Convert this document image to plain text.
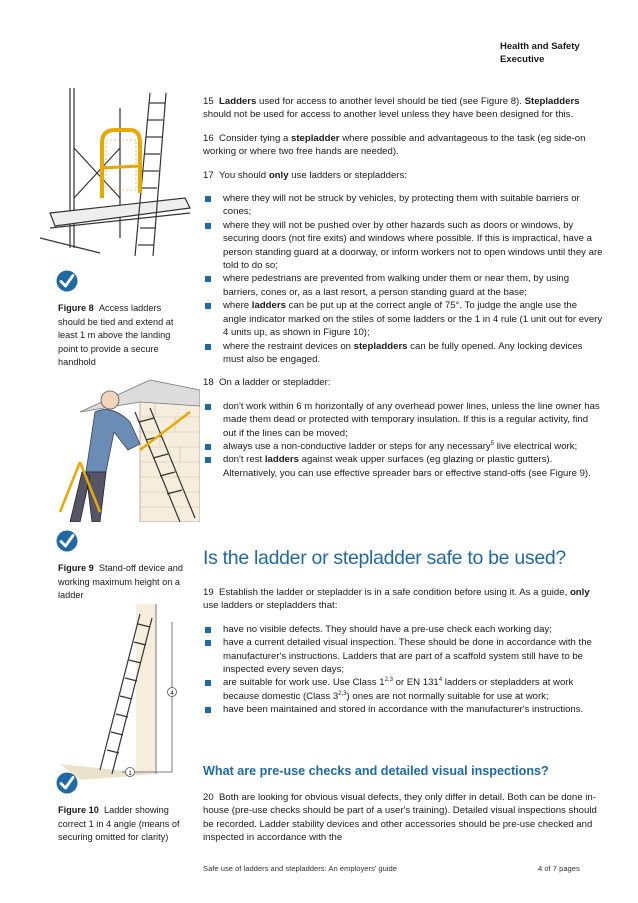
Health and Safety
Executive
Figure 8 Access ladders should be tied and extend at least 1 m above the landing point to provide a secure handhold
Figure 9 Stand-off device and working maximum height on a ladder
4
1
Figure 10 Ladder showing correct 1 in 4 angle (means of securing omitted for clarity)

15 Ladders used for access to another level should be tied (see Figure 8). Stepladders should not be used for access to another level unless they have been designed for this.

16 Consider tying a stepladder where possible and advantageous to the task (eg side-on working or where two free hands are needed).

17 You should only use ladders or stepladders:

where they will not be struck by vehicles, by protecting them with suitable barriers or cones;
where they will not be pushed over by other hazards such as doors or windows, by securing doors (not fire exits) and windows where possible. If this is impractical, have a person standing guard at a doorway, or inform workers not to open windows until they are told to do so;
where pedestrians are prevented from walking under them or near them, by using barriers, cones or, as a last resort, a person standing guard at the base;
where ladders can be put up at the correct angle of 75°. To judge the angle use the angle indicator marked on the stiles of some ladders or the 1 in 4 rule (1 unit out for every 4 units up, as shown in Figure 10);
where the restraint devices on stepladders can be fully opened. Any locking devices must also be engaged.

18 On a ladder or stepladder:

don't work within 6 m horizontally of any overhead power lines, unless the line owner has made them dead or protected with temporary insulation. If this is a regular activity, find out if the lines can be moved;
always use a non-conductive ladder or steps for any necessary$^5$ live electrical work;
don't rest ladders against weak upper surfaces (eg glazing or plastic gutters). Alternatively, you can use effective spreader bars or effective stand-offs (see Figure 9).
Is the ladder or stepladder safe to be used?

19 Establish the ladder or stepladder is in a safe condition before using it. As a guide, only use ladders or stepladders that:

have no visible defects. They should have a pre-use check each working day;
have a current detailed visual inspection. These should be done in accordance with the manufacturer's instructions. Ladders that are part of a scaffold system still have to be inspected every seven days;
are suitable for work use. Use Class 1$^{2,3}$ or EN $131^4$ ladders or stepladders at work because domestic (Class 3$^{2,3}$) ones are not normally suitable for use at work;
have been maintained and stored in accordance with the manufacturer's instructions.
What are pre-use checks and detailed visual inspections?

20 Both are looking for obvious visual defects, they only differ in detail. Both can be done in-house (pre-use checks should be part of a user's training). Detailed visual inspections should be recorded. Ladder stability devices and other accessories should be pre-use checked and inspected in accordance with the

Safe use of ladders and stepladders: An employers' guide	4 of 7 pages
